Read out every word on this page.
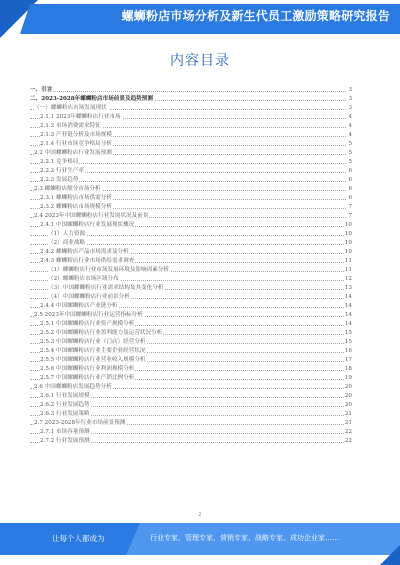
螺蛳粉店市场分析及新生代员工激励策略研究报告
内容目录
一、引言	3
二、2023-2028年螺蛳粉店市场前景及趋势预测	3
（一）螺蛳粉店市场发展现状	3
2.1.1 2023年螺蛳粉店行业市场	4
2.1.2 市场消费需求特征	4
2.1.3 产业链分析及市场规模	4
2.1.4 行业市场竞争格局分析	5
2.2 中国螺蛳粉店行业发展预测	5
2.2.1 竞争格局	5
2.2.2 行业生产率	6
2.2.3 发展趋势	6
2.3 螺蛳粉店细分市场分析	6
2.3.1 螺蛳粉店市场供需分析	6
2.3.2 螺蛳粉店市场规模分析	7
2.4 2023年中国螺蛳粉店行业发展状况及前景	7
2.4.1 中国螺蛳粉店行业发展现状概况	10
（1）人力资源	10
（2）商业战略	10
2.4.2 螺蛳粉店产品市场需求及分析	10
2.4.3 螺蛳粉店行业市场供给需求调查	11
（1）螺蛳粉店行业市场发展环境及影响因素分析	11
（2）螺蛳粉店市场区域分布	12
（3）中国螺蛳粉店行业需求结构及其变化分析	13
（4）中国螺蛳粉店行业前景分析	14
2.4.4 中国螺蛳粉店产业链分析	14
2.5 2023年中国螺蛳粉店行业运营指标分析	14
2.5.1 中国螺蛳粉店行业资产规模分析	14
2.5.2 中国螺蛳粉店行业盈利能力及运营状况分析	15
2.5.3 中国螺蛳粉店行业（门店）经营分析	15
2.5.4 中国螺蛳粉店行业主要企业经营状况	16
2.5.5 中国螺蛳粉店行业营业收入规模分析	17
2.5.6 中国螺蛳粉店行业利润规模分析	18
2.5.7 中国螺蛳粉店行业产销比例分析	19
2.6 中国螺蛳粉店发展趋势分析	20
2.6.1 行业发展规模	20
2.6.2 行业发展趋势	20
2.6.3 行业发展策略	21
2.7 2023-2028年行业市场前景预测	21
2.7.1 市场容量预测	22
2.7.2 行业发展预测	22
2
让每个人都成为	行业专家、管理专家、营销专家、战略专家、成功企业家……
